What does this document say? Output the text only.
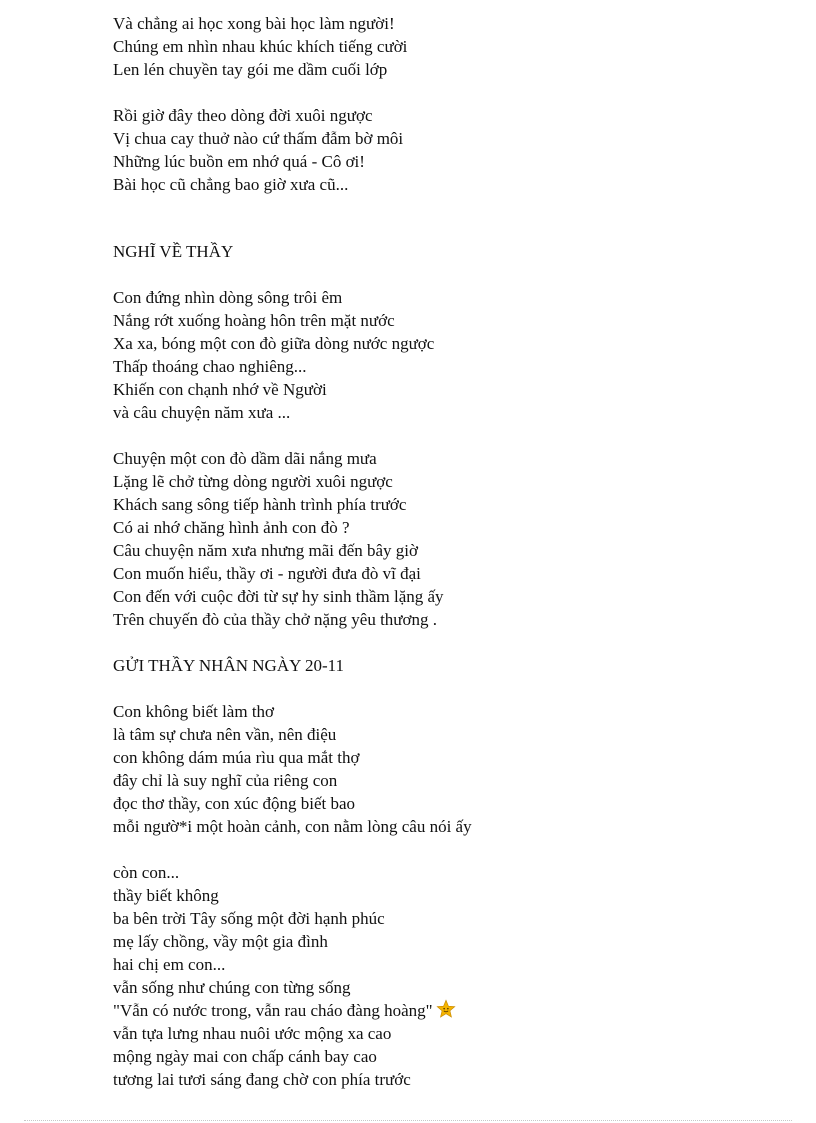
Và chẳng ai học xong bài học làm người!
Chúng em nhìn nhau khúc khích tiếng cười
Len lén chuyền tay gói me dầm cuối lớp
Rồi giờ đây theo dòng đời xuôi ngược
Vị chua cay thuở nào cứ thấm đẫm bờ môi
Những lúc buồn em nhớ quá - Cô ơi!
Bài học cũ chẳng bao giờ xưa cũ...
NGHĨ VỀ THẦY
Con đứng nhìn dòng sông trôi êm
Nắng rớt xuống hoàng hôn trên mặt nước
Xa xa, bóng một con đò giữa dòng nước ngược
Thấp thoáng chao nghiêng...
Khiến con chạnh nhớ về Người
và câu chuyện năm xưa ...
Chuyện một con đò dầm dãi nắng mưa
Lặng lẽ chở từng dòng người xuôi ngược
Khách sang sông tiếp hành trình phía trước
Có ai nhớ chăng hình ảnh con đò ?
Câu chuyện năm xưa nhưng mãi đến bây giờ
Con muốn hiểu, thầy ơi - người đưa đò vĩ đại
Con đến với cuộc đời từ sự hy sinh thầm lặng ấy
Trên chuyến đò của thầy chở nặng yêu thương .
GỬI THẦY NHÂN NGÀY 20-11
Con không biết làm thơ
là tâm sự chưa nên vần, nên điệu
con không dám múa rìu qua mắt thợ
đây chỉ là suy nghĩ của riêng con
đọc thơ thầy, con xúc động biết bao
mỗi ngườ*i một hoàn cảnh, con nằm lòng câu nói ấy
còn con...
thầy biết không
ba bên trời Tây sống một đời hạnh phúc
mẹ lấy chồng, vầy một gia đình
hai chị em con...
vẫn sống như chúng con từng sống
"Vẫn có nước trong, vẫn rau cháo đàng hoàng"
vẫn tựa lưng nhau nuôi ước mộng xa cao
mộng ngày mai con chấp cánh bay cao
tương lai tươi sáng đang chờ con phía trước
